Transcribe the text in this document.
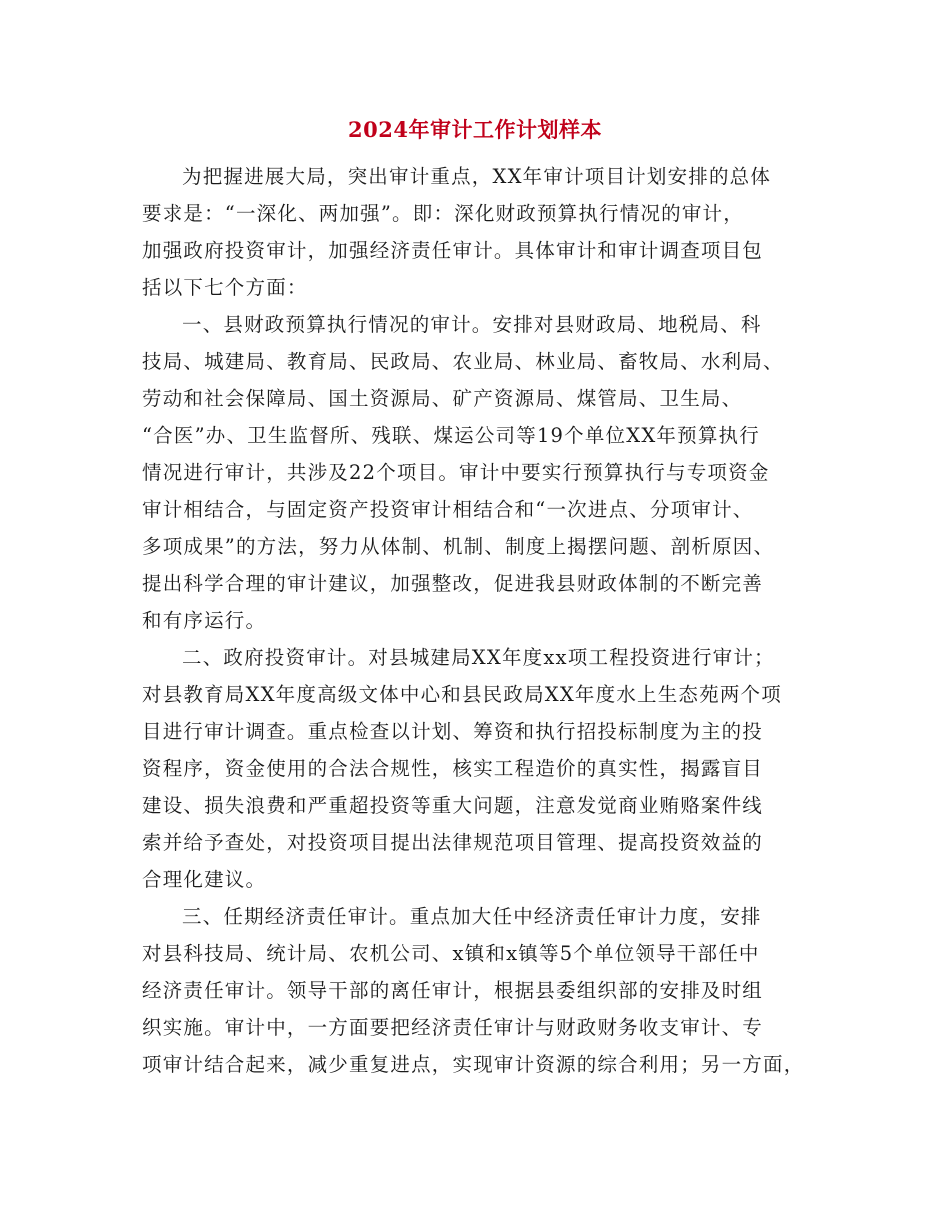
2024年审计工作计划样本
为把握进展大局，突出审计重点，XX年审计项目计划安排的总体
要求是：“一深化、两加强”。即：深化财政预算执行情况的审计，
加强政府投资审计，加强经济责任审计。具体审计和审计调查项目包
括以下七个方面：
一、县财政预算执行情况的审计。安排对县财政局、地税局、科
技局、城建局、教育局、民政局、农业局、林业局、畜牧局、水利局、
劳动和社会保障局、国土资源局、矿产资源局、煤管局、卫生局、
“合医”办、卫生监督所、残联、煤运公司等19个单位XX年预算执行
情况进行审计，共涉及22个项目。审计中要实行预算执行与专项资金
审计相结合，与固定资产投资审计相结合和“一次进点、分项审计、
多项成果”的方法，努力从体制、机制、制度上揭摆问题、剖析原因、
提出科学合理的审计建议，加强整改，促进我县财政体制的不断完善
和有序运行。
二、政府投资审计。对县城建局XX年度xx项工程投资进行审计；
对县教育局XX年度高级文体中心和县民政局XX年度水上生态苑两个项
目进行审计调查。重点检查以计划、筹资和执行招投标制度为主的投
资程序，资金使用的合法合规性，核实工程造价的真实性，揭露盲目
建设、损失浪费和严重超投资等重大问题，注意发觉商业贿赂案件线
索并给予查处，对投资项目提出法律规范项目管理、提高投资效益的
合理化建议。
三、任期经济责任审计。重点加大任中经济责任审计力度，安排
对县科技局、统计局、农机公司、x镇和x镇等5个单位领导干部任中
经济责任审计。领导干部的离任审计，根据县委组织部的安排及时组
织实施。审计中，一方面要把经济责任审计与财政财务收支审计、专
项审计结合起来，减少重复进点，实现审计资源的综合利用；另一方面，
